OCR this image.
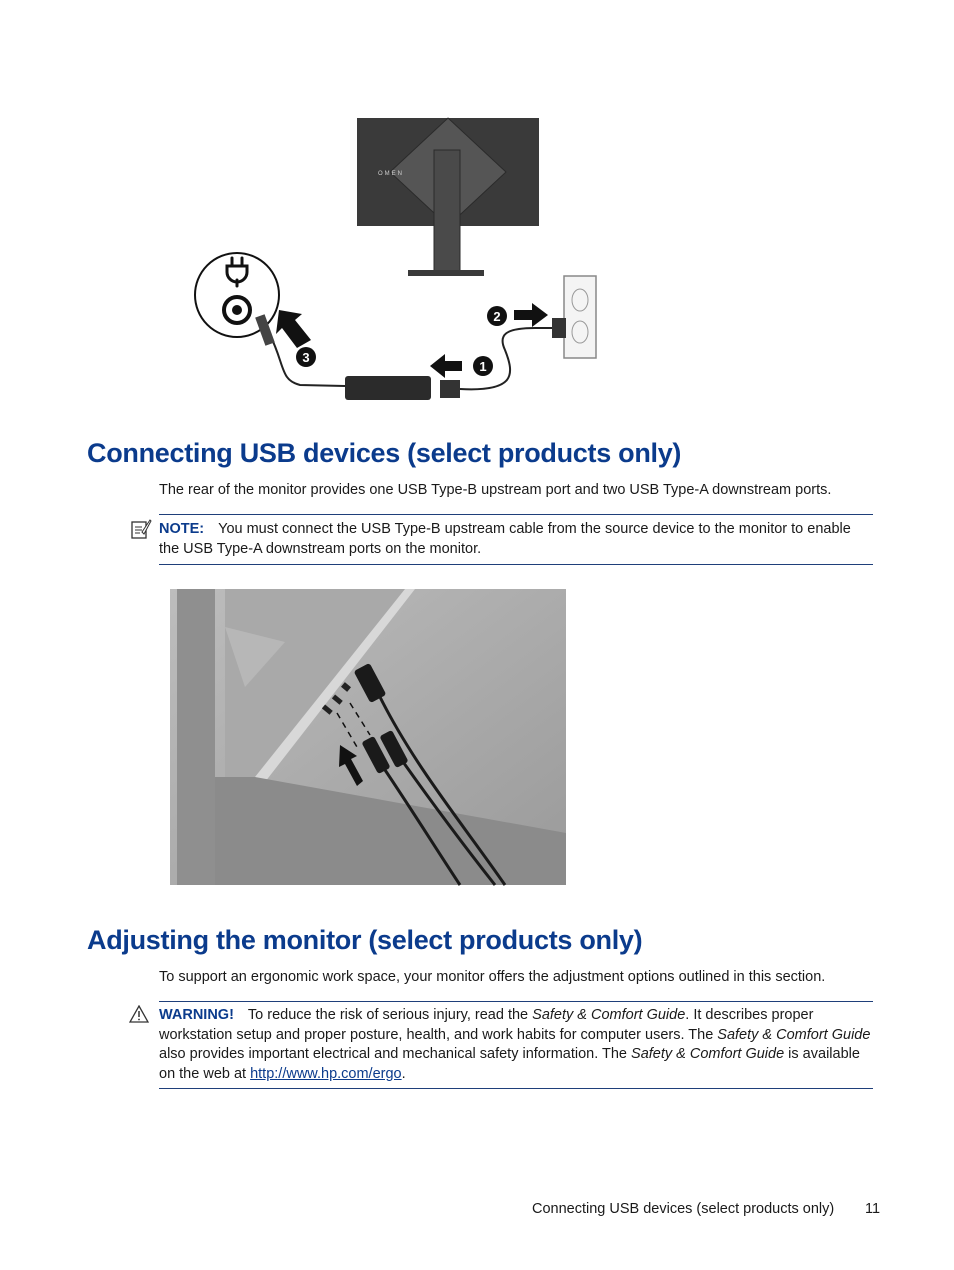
OMEN
1
2
3
Connecting USB devices (select products only)
The rear of the monitor provides one USB Type-B upstream port and two USB Type-A downstream ports.
NOTE: You must connect the USB Type-B upstream cable from the source device to the monitor to enable the USB Type-A downstream ports on the monitor.
Adjusting the monitor (select products only)
To support an ergonomic work space, your monitor offers the adjustment options outlined in this section.
WARNING! To reduce the risk of serious injury, read the Safety & Comfort Guide. It describes proper workstation setup and proper posture, health, and work habits for computer users. The Safety & Comfort Guide also provides important electrical and mechanical safety information. The Safety & Comfort Guide is available on the web at http://www.hp.com/ergo.
Connecting USB devices (select products only) 11
